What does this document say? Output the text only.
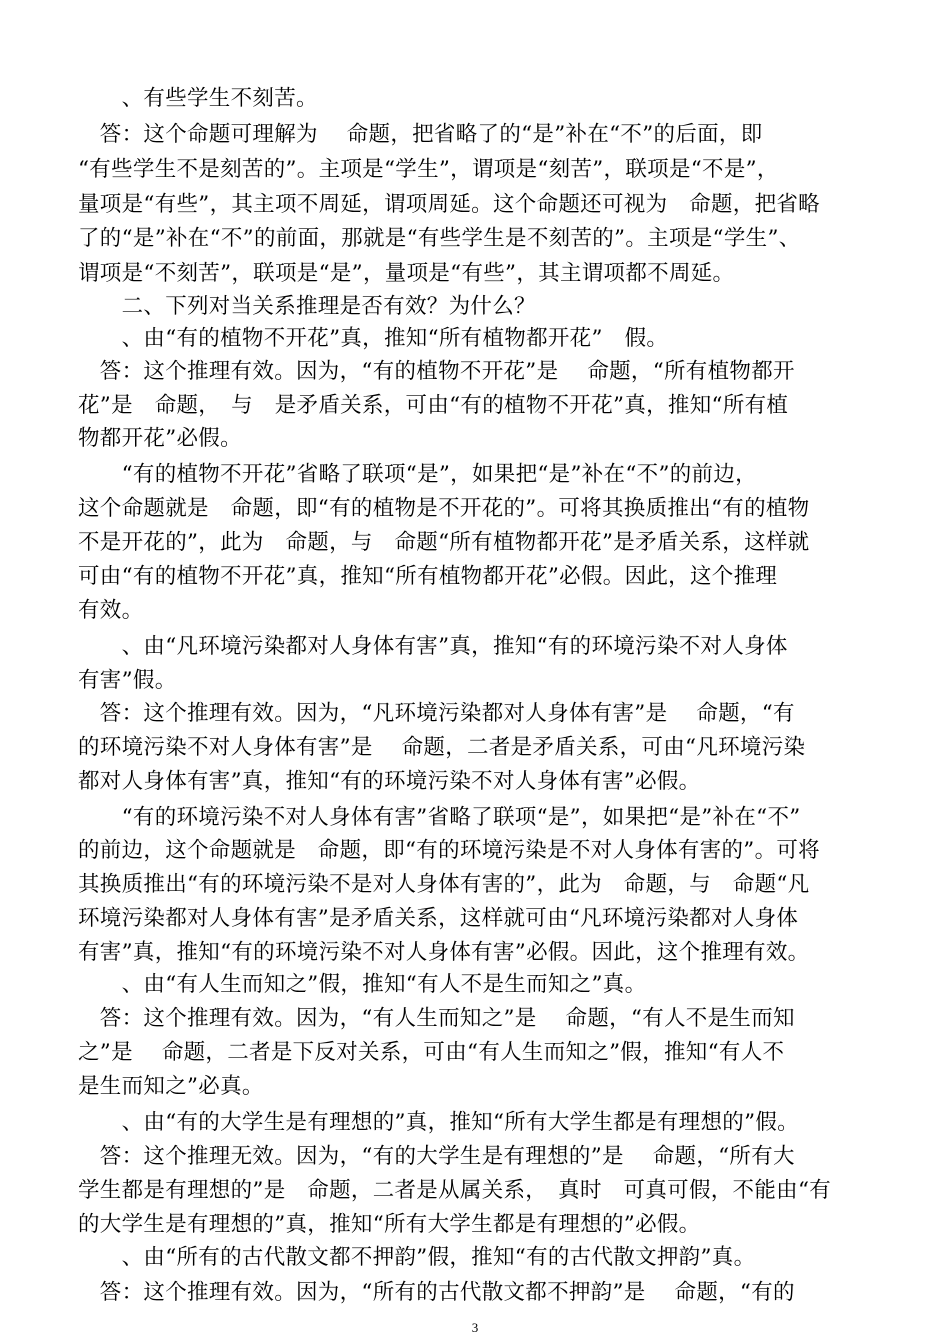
　　、有些学生不刻苦。
　答：这个命题可理解为　 命题，把省略了的“是”补在“不”的后面，即
“有些学生不是刻苦的”。主项是“学生”，谓项是“刻苦”，联项是“不是”，
量项是“有些”，其主项不周延，谓项周延。这个命题还可视为　命题，把省略
了的“是”补在“不”的前面，那就是“有些学生是不刻苦的”。主项是“学生”、
谓项是“不刻苦”，联项是“是”，量项是“有些”，其主谓项都不周延。
　　二、下列对当关系推理是否有效？为什么？
　　、由“有的植物不开花”真，推知“所有植物都开花”　假。
　答：这个推理有效。因为，“有的植物不开花”是　 命题，“所有植物都开
花”是　命题，　与　是矛盾关系，可由“有的植物不开花”真，推知“所有植
物都开花”必假。
　　“有的植物不开花”省略了联项“是”，如果把“是”补在“不”的前边，
这个命题就是　命题，即“有的植物是不开花的”。可将其换质推出“有的植物
不是开花的”，此为　命题，与　命题“所有植物都开花”是矛盾关系，这样就
可由“有的植物不开花”真，推知“所有植物都开花”必假。因此，这个推理
有效。
　　、由“凡环境污染都对人身体有害”真，推知“有的环境污染不对人身体
有害”假。
　答：这个推理有效。因为，“凡环境污染都对人身体有害”是　 命题，“有
的环境污染不对人身体有害”是　 命题，二者是矛盾关系，可由“凡环境污染
都对人身体有害”真，推知“有的环境污染不对人身体有害”必假。
　　“有的环境污染不对人身体有害”省略了联项“是”，如果把“是”补在“不”
的前边，这个命题就是　命题，即“有的环境污染是不对人身体有害的”。可将
其换质推出“有的环境污染不是对人身体有害的”，此为　命题，与　命题“凡
环境污染都对人身体有害”是矛盾关系，这样就可由“凡环境污染都对人身体
有害”真，推知“有的环境污染不对人身体有害”必假。因此，这个推理有效。
　　、由“有人生而知之”假，推知“有人不是生而知之”真。
　答：这个推理有效。因为，“有人生而知之”是　 命题，“有人不是生而知
之”是　 命题，二者是下反对关系，可由“有人生而知之”假，推知“有人不
是生而知之”必真。
　　、由“有的大学生是有理想的”真，推知“所有大学生都是有理想的”假。
　答：这个推理无效。因为，“有的大学生是有理想的”是　 命题，“所有大
学生都是有理想的”是　命题，二者是从属关系，　真时　可真可假，不能由“有
的大学生是有理想的”真，推知“所有大学生都是有理想的”必假。
　　、由“所有的古代散文都不押韵”假，推知“有的古代散文押韵”真。
　答：这个推理有效。因为，“所有的古代散文都不押韵”是　 命题，“有的
3
